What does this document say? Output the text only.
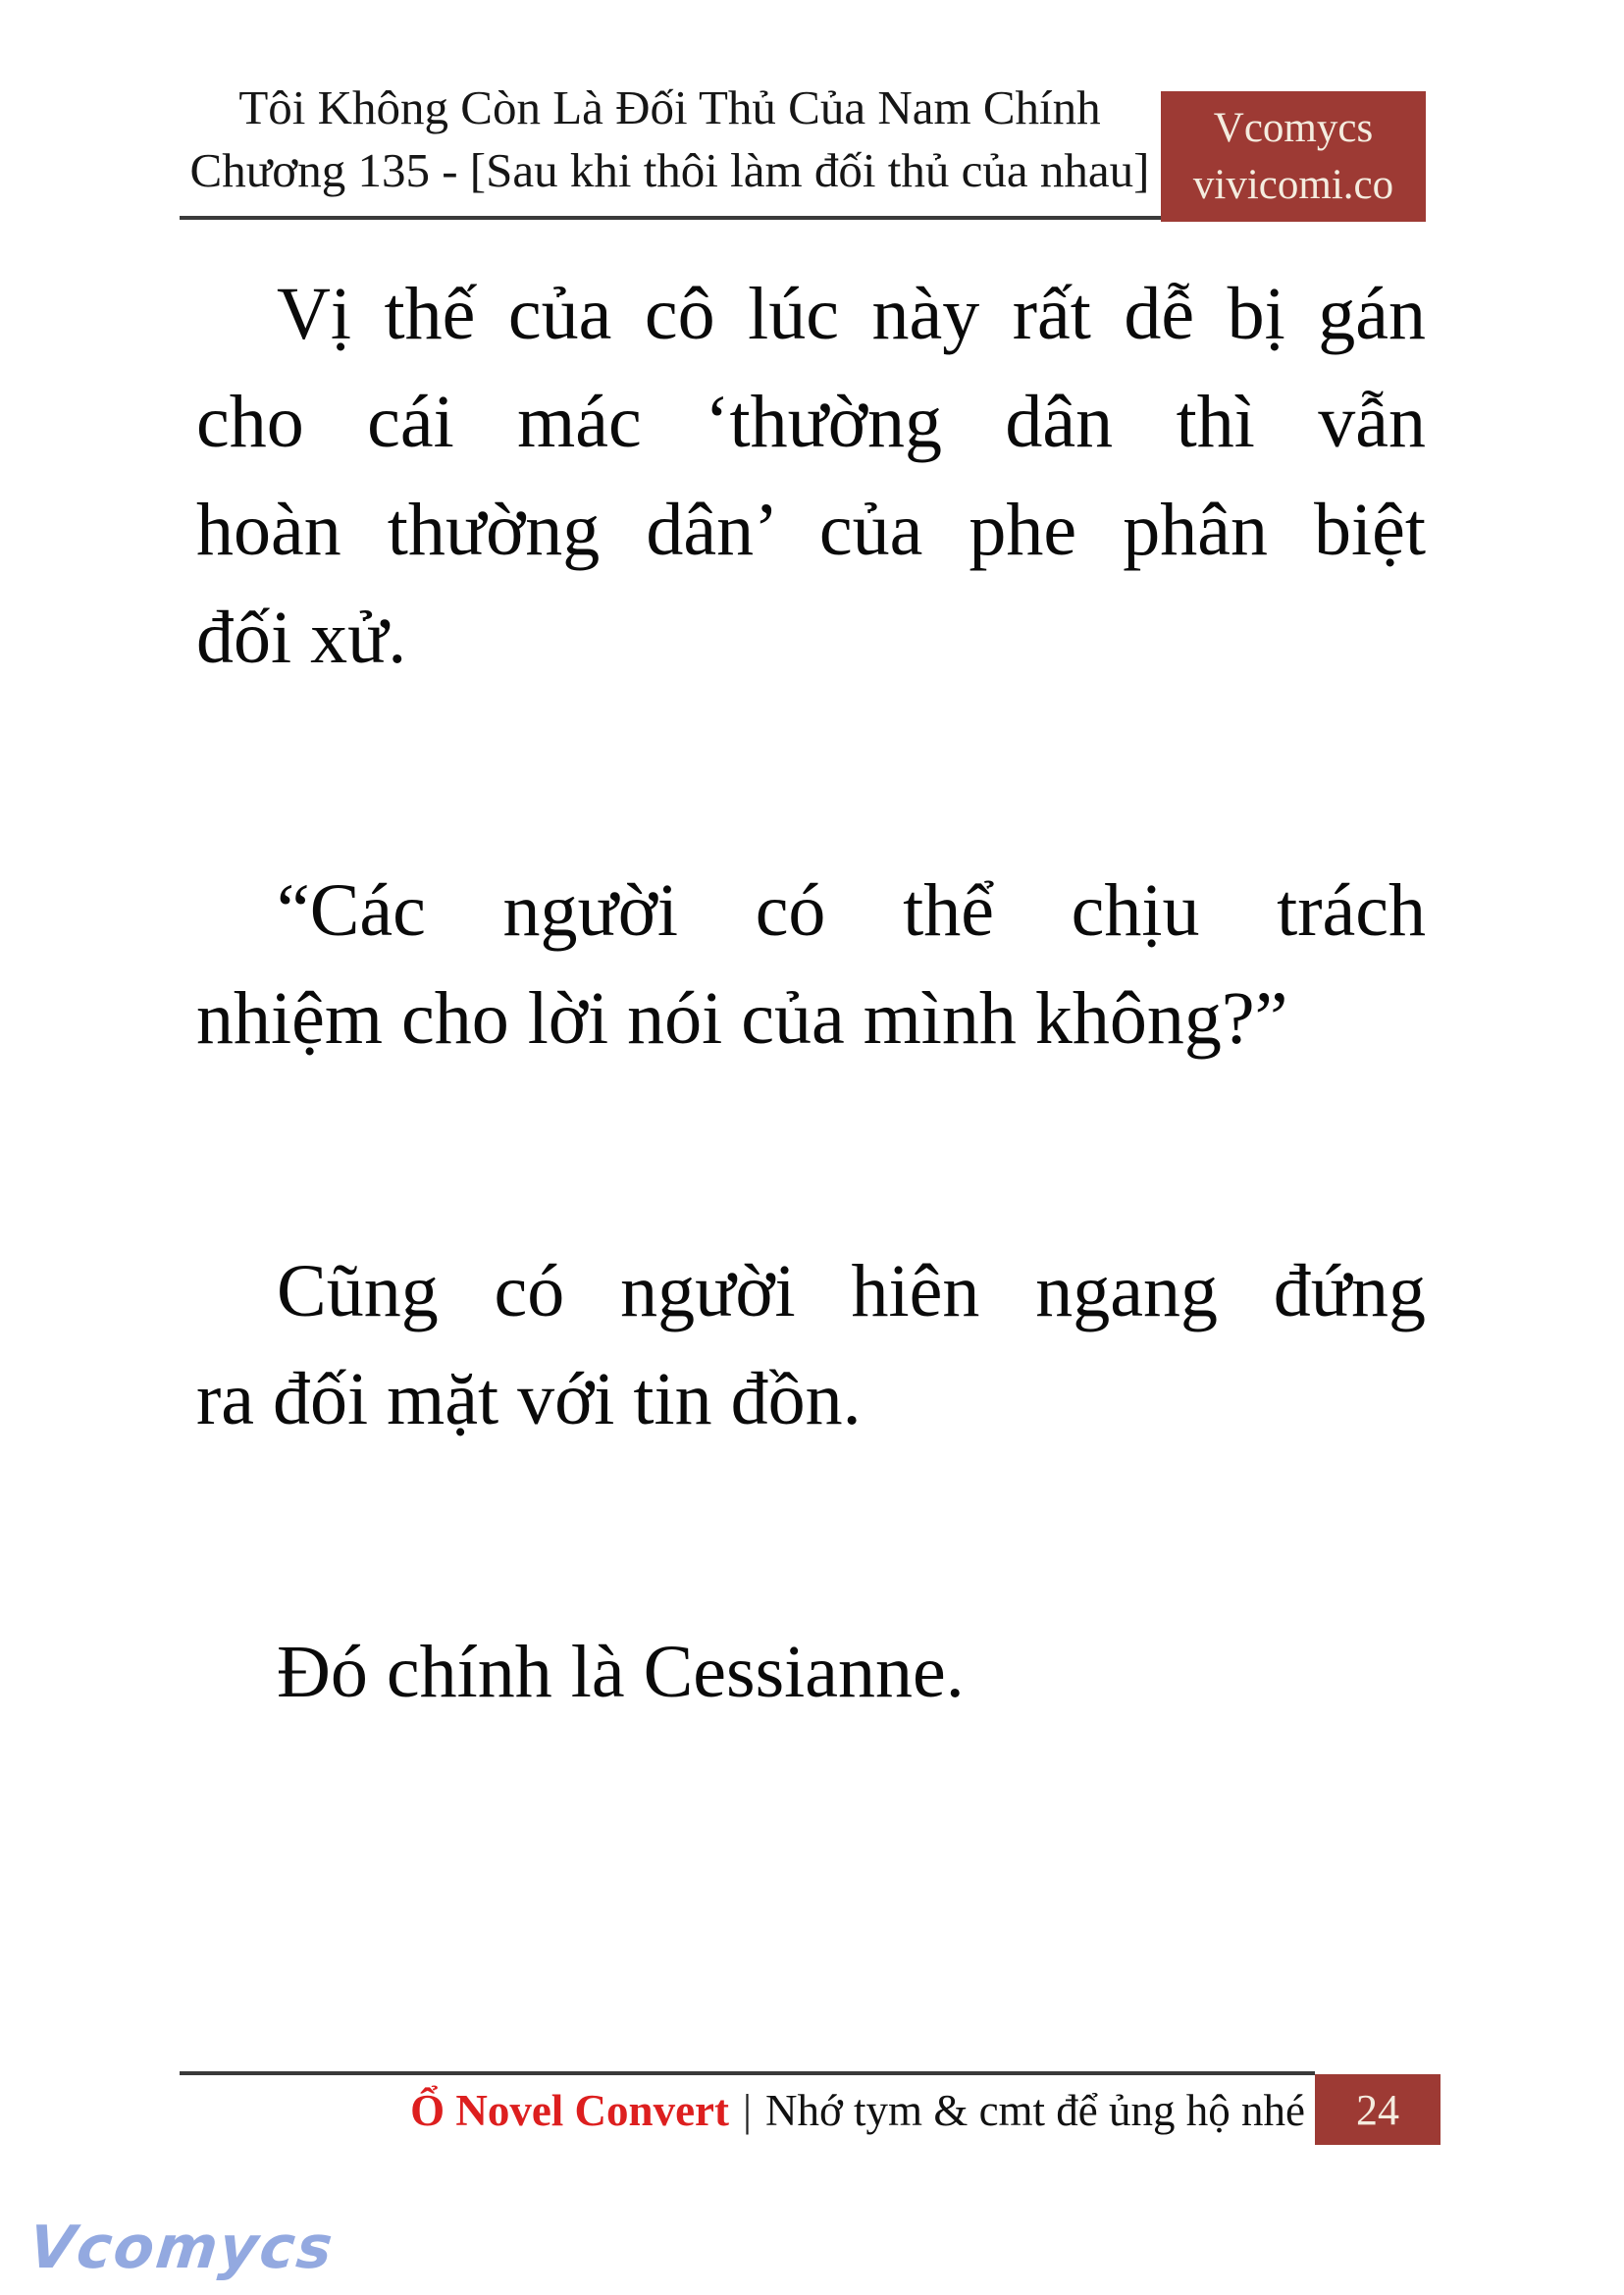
Tôi Không Còn Là Đối Thủ Của Nam Chính
Chương 135 - [Sau khi thôi làm đối thủ của nhau]
Vcomycs
vivicomi.co
Vị thế của cô lúc này rất dễ bị gán
cho cái mác ‘thường dân thì vẫn
hoàn thường dân’ của phe phân biệt
đối xử.
“Các người có thể chịu trách
nhiệm cho lời nói của mình không?”
Cũng có người hiên ngang đứng
ra đối mặt với tin đồn.
Đó chính là Cessianne.
Ổ Novel Convert | Nhớ tym & cmt để ủng hộ nhé 24
Vcomycs
